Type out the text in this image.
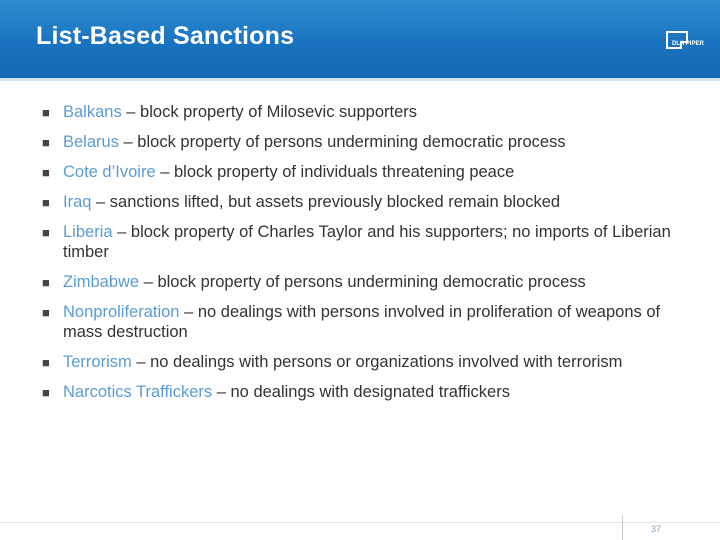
List-Based Sanctions	DLA PIPER
■ Balkans – block property of Milosevic supporters
■ Belarus – block property of persons undermining democratic process
■ Cote d’Ivoire – block property of individuals threatening peace
■ Iraq – sanctions lifted, but assets previously blocked remain blocked
■ Liberia – block property of Charles Taylor and his supporters; no imports of Liberian timber
■ Zimbabwe – block property of persons undermining democratic process
■ Nonproliferation – no dealings with persons involved in proliferation of weapons of mass destruction
■ Terrorism – no dealings with persons or organizations involved with terrorism
■ Narcotics Traffickers – no dealings with designated traffickers
37
